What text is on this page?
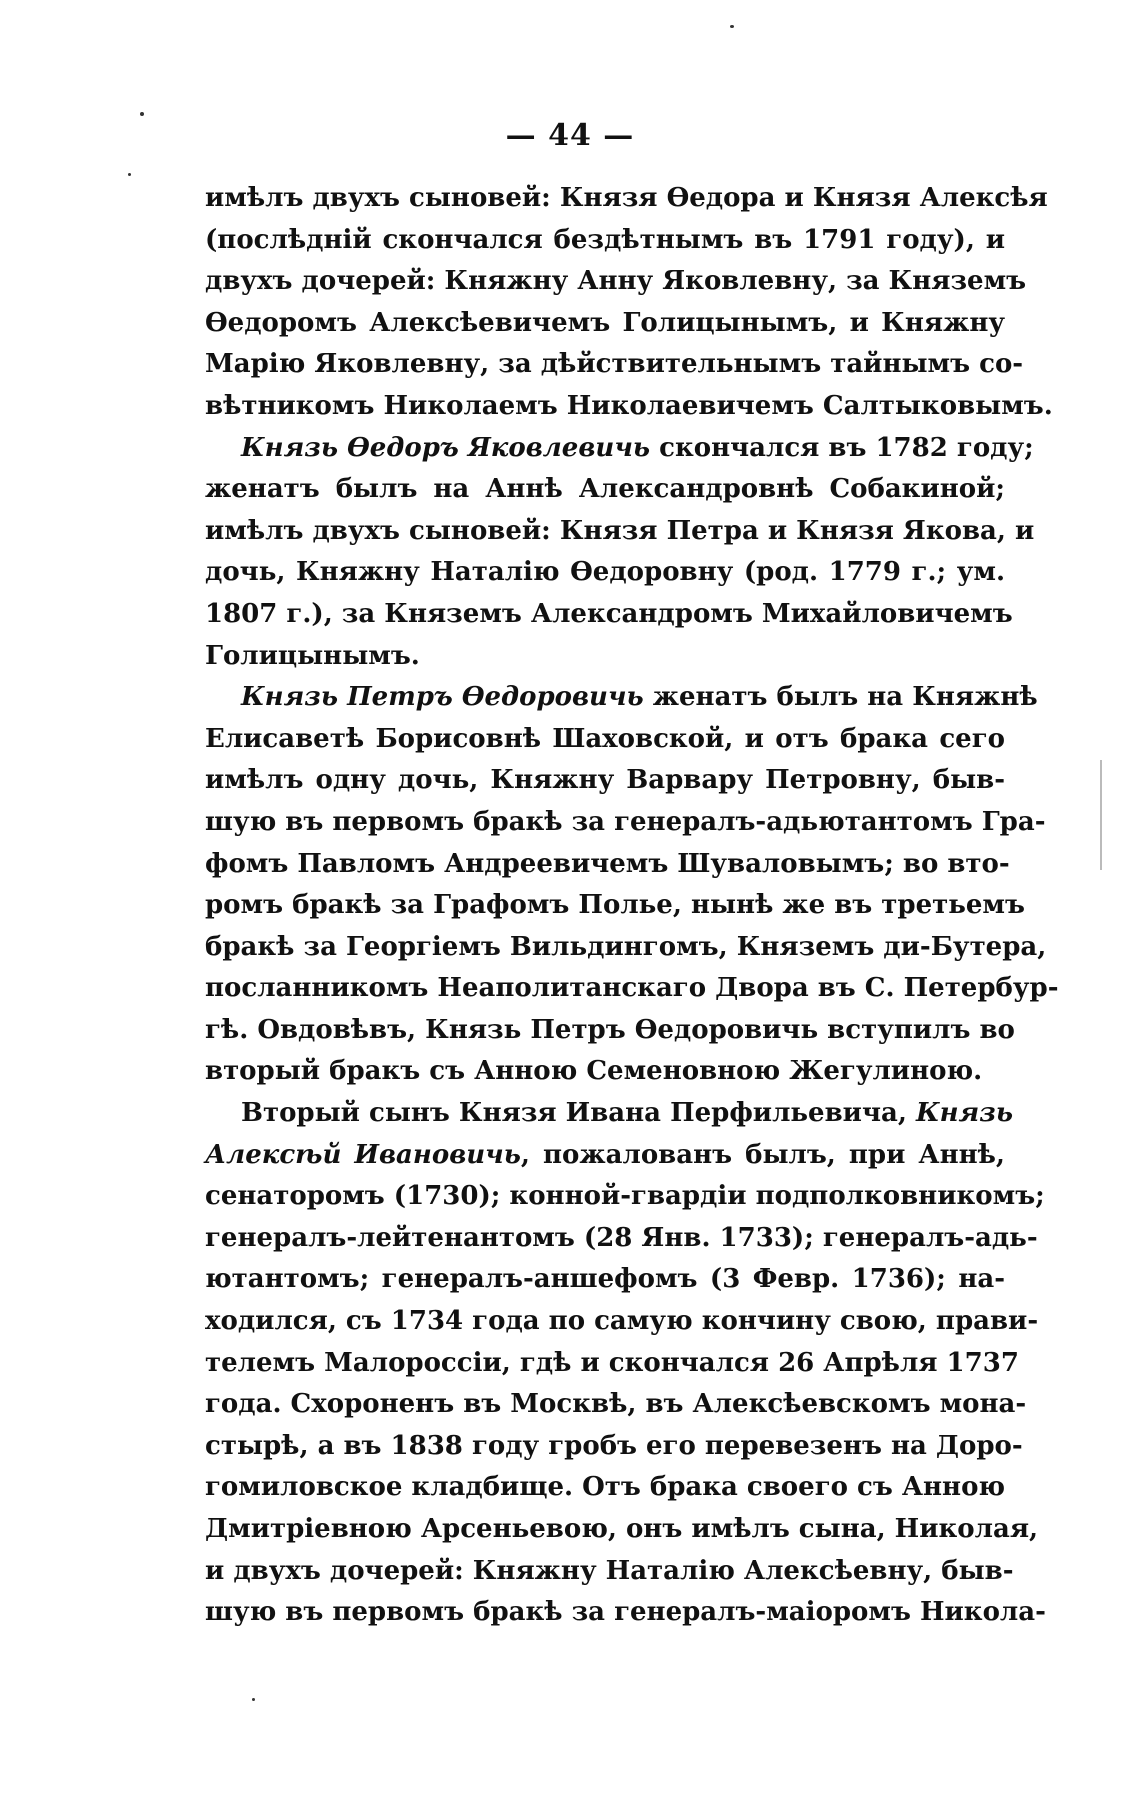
— 44 —
имѣлъ двухъ сыновей: Князя Ѳедора и Князя Алексѣя
(послѣдній скончался бездѣтнымъ въ 1791 году), и
двухъ дочерей: Княжну Анну Яковлевну, за Княземъ
Ѳедоромъ Алексѣевичемъ Голицынымъ, и Княжну
Марію Яковлевну, за дѣйствительнымъ тайнымъ со-
вѣтникомъ Николаемъ Николаевичемъ Салтыковымъ.
Князь Ѳедоръ Яковлевичь скончался въ 1782 году;
женатъ былъ на Аннѣ Александровнѣ Собакиной;
имѣлъ двухъ сыновей: Князя Петра и Князя Якова, и
дочь, Княжну Наталію Ѳедоровну (род. 1779 г.; ум.
1807 г.), за Княземъ Александромъ Михайловичемъ
Голицынымъ.
Князь Петръ Ѳедоровичь женатъ былъ на Княжнѣ
Елисаветѣ Борисовнѣ Шаховской, и отъ брака сего
имѣлъ одну дочь, Княжну Варвару Петровну, быв-
шую въ первомъ бракѣ за генералъ-адьютантомъ Гра-
фомъ Павломъ Андреевичемъ Шуваловымъ; во вто-
ромъ бракѣ за Графомъ Полье, нынѣ же въ третьемъ
бракѣ за Георгіемъ Вильдингомъ, Княземъ ди-Бутера,
посланникомъ Неаполитанскаго Двора въ С. Петербур-
гѣ. Овдовѣвъ, Князь Петръ Ѳедоровичь вступилъ во
вторый бракъ съ Анною Семеновною Жегулиною.
Вторый сынъ Князя Ивана Перфильевича, Князь
Алексѣй Ивановичь, пожалованъ былъ, при Аннѣ,
сенаторомъ (1730); конной-гвардіи подполковникомъ;
генералъ-лейтенантомъ (28 Янв. 1733); генералъ-адь-
ютантомъ; генералъ-аншефомъ (3 Февр. 1736); на-
ходился, съ 1734 года по самую кончину свою, прави-
телемъ Малороссіи, гдѣ и скончался 26 Апрѣля 1737
года. Схороненъ въ Москвѣ, въ Алексѣевскомъ мона-
стырѣ, а въ 1838 году гробъ его перевезенъ на Доро-
гомиловское кладбище. Отъ брака своего съ Анною
Дмитріевною Арсеньевою, онъ имѣлъ сына, Николая,
и двухъ дочерей: Княжну Наталію Алексѣевну, быв-
шую въ первомъ бракѣ за генералъ-маіоромъ Никола-
